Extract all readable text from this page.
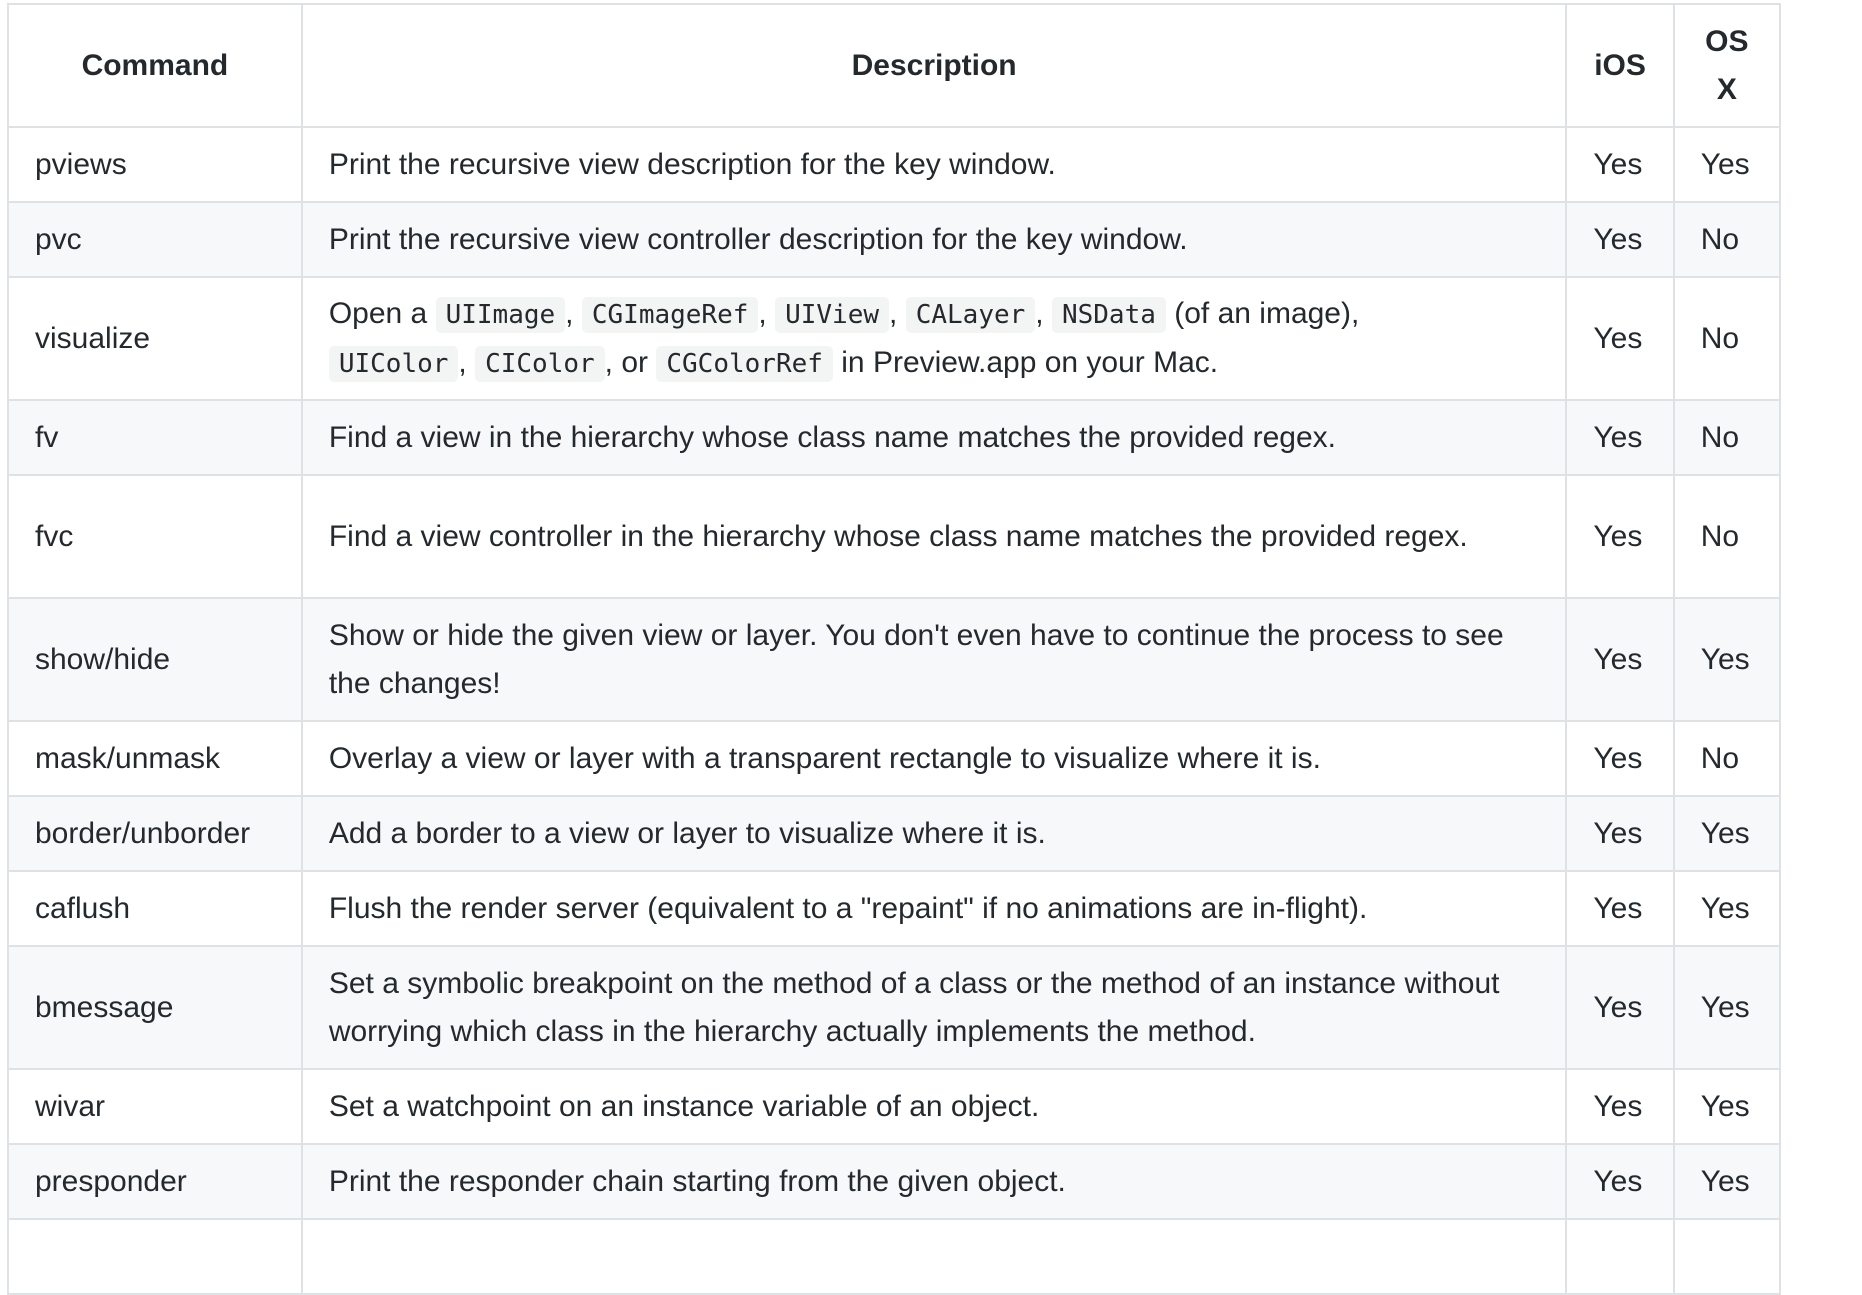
Command	Description	iOS	OS
X
pviews	Print the recursive view description for the key window.	Yes	Yes
pvc	Print the recursive view controller description for the key window.	Yes	No
visualize	Open a UIImage , CGImageRef , UIView , CALayer , NSData (of an image),
UIColor , CIColor , or CGColorRef in Preview.app on your Mac.	Yes	No
fv	Find a view in the hierarchy whose class name matches the provided regex.	Yes	No
fvc	Find a view controller in the hierarchy whose class name matches the provided regex.	Yes	No
show/hide	Show or hide the given view or layer. You don't even have to continue the process to see the changes!	Yes	Yes
mask/unmask	Overlay a view or layer with a transparent rectangle to visualize where it is.	Yes	No
border/unborder	Add a border to a view or layer to visualize where it is.	Yes	Yes
caflush	Flush the render server (equivalent to a "repaint" if no animations are in-flight).	Yes	Yes
bmessage	Set a symbolic breakpoint on the method of a class or the method of an instance without worrying which class in the hierarchy actually implements the method.	Yes	Yes
wivar	Set a watchpoint on an instance variable of an object.	Yes	Yes
presponder	Print the responder chain starting from the given object.	Yes	Yes
